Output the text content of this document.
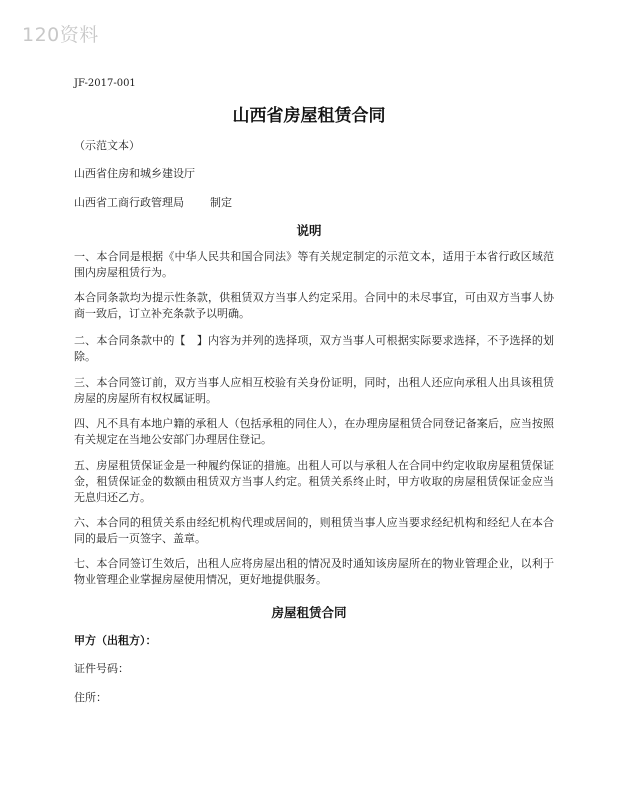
120资料
JF-2017-001
山西省房屋租赁合同
（示范文本）
山西省住房和城乡建设厅
山西省工商行政管理局 制定
说明
一、本合同是根据《中华人民共和国合同法》等有关规定制定的示范文本，适用于本省行政区域范围内房屋租赁行为。
本合同条款均为提示性条款，供租赁双方当事人约定采用。合同中的未尽事宜，可由双方当事人协商一致后，订立补充条款予以明确。
二、本合同条款中的【　】内容为并列的选择项，双方当事人可根据实际要求选择，不予选择的划除。
三、本合同签订前，双方当事人应相互校验有关身份证明，同时，出租人还应向承租人出具该租赁房屋的房屋所有权权属证明。
四、凡不具有本地户籍的承租人（包括承租的同住人），在办理房屋租赁合同登记备案后，应当按照有关规定在当地公安部门办理居住登记。
五、房屋租赁保证金是一种履约保证的措施。出租人可以与承租人在合同中约定收取房屋租赁保证金，租赁保证金的数额由租赁双方当事人约定。租赁关系终止时，甲方收取的房屋租赁保证金应当无息归还乙方。
六、本合同的租赁关系由经纪机构代理或居间的，则租赁当事人应当要求经纪机构和经纪人在本合同的最后一页签字、盖章。
七、本合同签订生效后，出租人应将房屋出租的情况及时通知该房屋所在的物业管理企业，以利于物业管理企业掌握房屋使用情况，更好地提供服务。
房屋租赁合同
甲方（出租方）：
证件号码：
住所：
